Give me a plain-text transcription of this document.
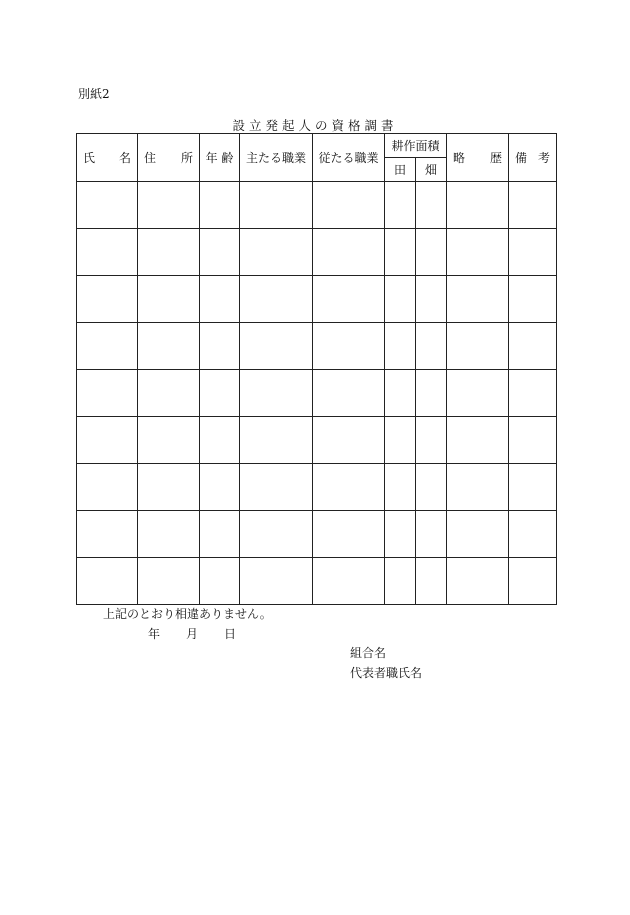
別紙2
設立発起人の資格調書
氏 名	住 所	年 齢	主たる職業	従たる職業	耕作面積		略 歴	備 考

					田	畑		

上記のとおり相違ありません。
年	月	日
組合名
代表者職氏名
